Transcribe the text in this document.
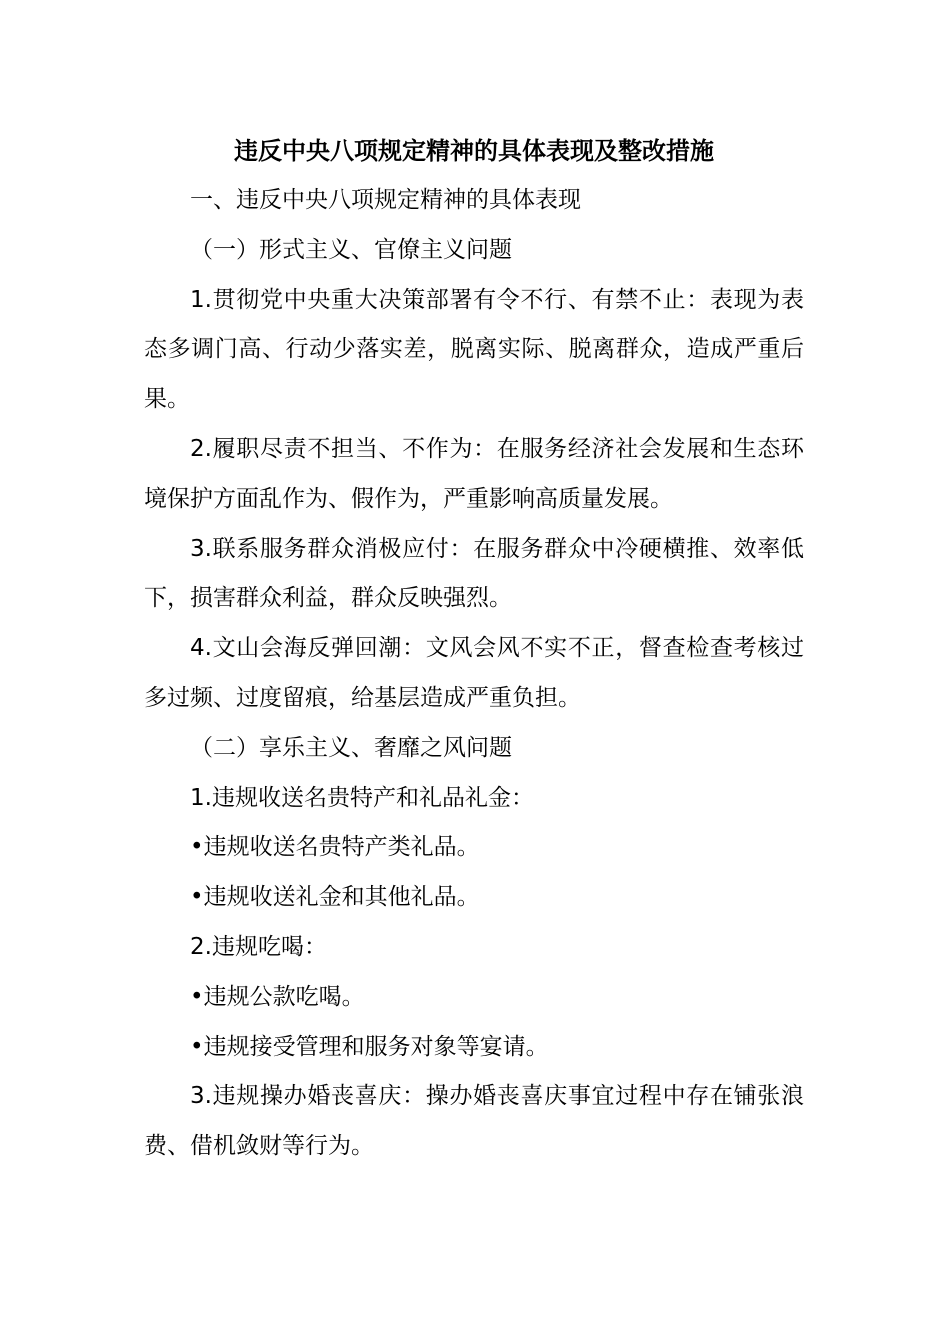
违反中央八项规定精神的具体表现及整改措施

一、违反中央八项规定精神的具体表现

（一）形式主义、官僚主义问题

1.贯彻党中央重大决策部署有令不行、有禁不止：表现为表态多调门高、行动少落实差，脱离实际、脱离群众，造成严重后果。

2.履职尽责不担当、不作为：在服务经济社会发展和生态环境保护方面乱作为、假作为，严重影响高质量发展。

3.联系服务群众消极应付：在服务群众中冷硬横推、效率低下，损害群众利益，群众反映强烈。

4.文山会海反弹回潮：文风会风不实不正，督查检查考核过多过频、过度留痕，给基层造成严重负担。

（二）享乐主义、奢靡之风问题

1.违规收送名贵特产和礼品礼金：

•违规收送名贵特产类礼品。

•违规收送礼金和其他礼品。

2.违规吃喝：

•违规公款吃喝。

•违规接受管理和服务对象等宴请。

3.违规操办婚丧喜庆：操办婚丧喜庆事宜过程中存在铺张浪费、借机敛财等行为。
